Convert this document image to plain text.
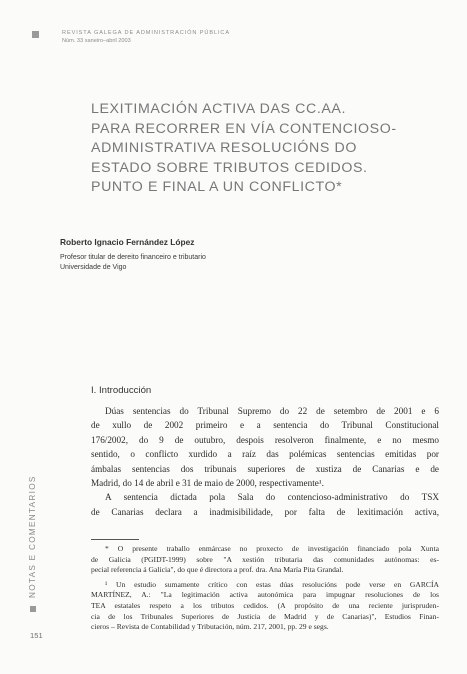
REVISTA GALEGA DE ADMINISTRACIÓN PÚBLICA
Núm. 33 xaneiro–abril 2003
LEXITIMACIÓN ACTIVA DAS CC.AA.
PARA RECORRER EN VÍA CONTENCIOSO-
ADMINISTRATIVA RESOLUCIÓNS DO
ESTADO SOBRE TRIBUTOS CEDIDOS.
PUNTO E FINAL A UN CONFLICTO*
Roberto Ignacio Fernández López
Profesor titular de dereito financeiro e tributario
Universidade de Vigo
I. Introducción
Dúas sentencias do Tribunal Supremo do 22 de setembro de 2001 e 6
de xullo de 2002 primeiro e a sentencia do Tribunal Constitucional
176/2002, do 9 de outubro, despois resolveron finalmente, e no mesmo
sentido, o conflicto xurdido a raíz das polémicas sentencias emitidas por
ámbalas sentencias dos tribunais superiores de xustiza de Canarias e de
Madrid, do 14 de abril e 31 de maio de 2000, respectivamente¹.
A sentencia dictada pola Sala do contencioso-administrativo do TSX
de Canarias declara a inadmisibilidade, por falta de lexitimación activa,
* O presente traballo enmárcase no proxecto de investigación financiado pola Xunta
de Galicia (PGIDT-1999) sobre "A xestión tributaria das comunidades autónomas: es-
pecial referencia á Galicia", do que é directora a prof. dra. Ana María Pita Grandal.
¹ Un estudio sumamente crítico con estas dúas resolucións pode verse en GARCÍA
MARTÍNEZ, A.: "La legitimación activa autonómica para impugnar resoluciones de los
TEA estatales respeto a los tributos cedidos. (A propósito de una reciente jurispruden-
cia de los Tribunales Superiores de Justicia de Madrid y de Canarias)", Estudios Finan-
cieros – Revista de Contabilidad y Tributación, núm. 217, 2001, pp. 29 e segs.
NOTAS E COMENTARIOS
151
